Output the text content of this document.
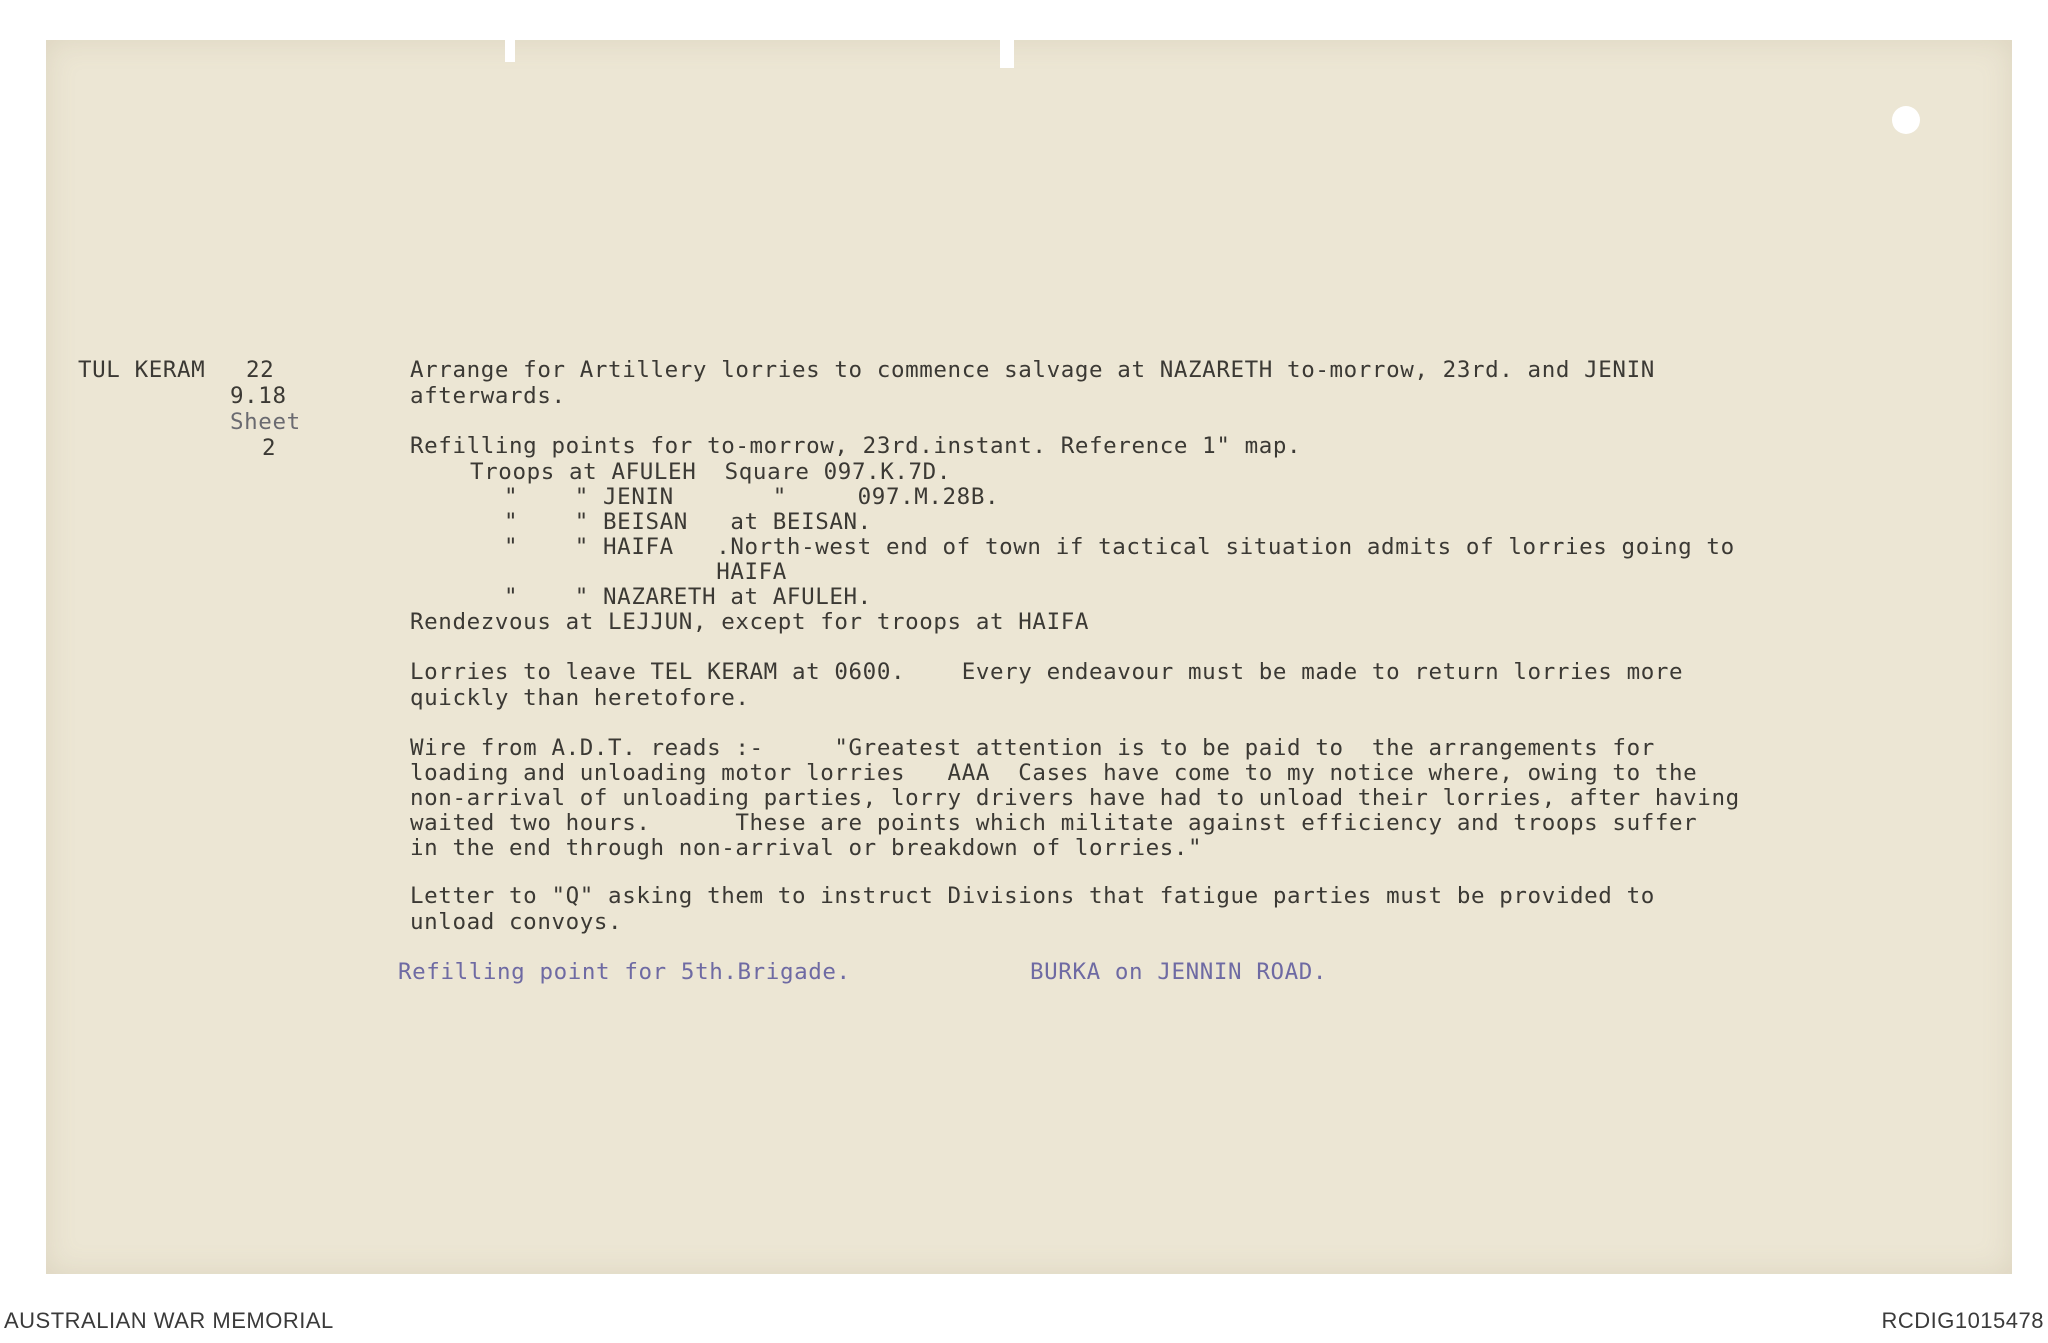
TUL KERAM 22
9.18
Sheet
2
Arrange for Artillery lorries to commence salvage at NAZARETH to-morrow, 23rd. and JENIN
afterwards.
Refilling points for to-morrow, 23rd.instant. Reference 1" map.
Troops at AFULEH  Square 097.K.7D.
"    " JENIN       "     097.M.28B.
"    " BEISAN   at BEISAN.
"    " HAIFA   .North-west end of town if tactical situation admits of lorries going to
HAIFA
"    " NAZARETH at AFULEH.
Rendezvous at LEJJUN, except for troops at HAIFA
Lorries to leave TEL KERAM at 0600.    Every endeavour must be made to return lorries more
quickly than heretofore.
Wire from A.D.T. reads :-     "Greatest attention is to be paid to  the arrangements for
loading and unloading motor lorries   AAA  Cases have come to my notice where, owing to the
non-arrival of unloading parties, lorry drivers have had to unload their lorries, after having
waited two hours.      These are points which militate against efficiency and troops suffer
in the end through non-arrival or breakdown of lorries."
Letter to "Q" asking them to instruct Divisions that fatigue parties must be provided to
unload convoys.
Refilling point for 5th.Brigade.	BURKA on JENNIN ROAD.
AUSTRALIAN WAR MEMORIAL	RCDIG1015478
